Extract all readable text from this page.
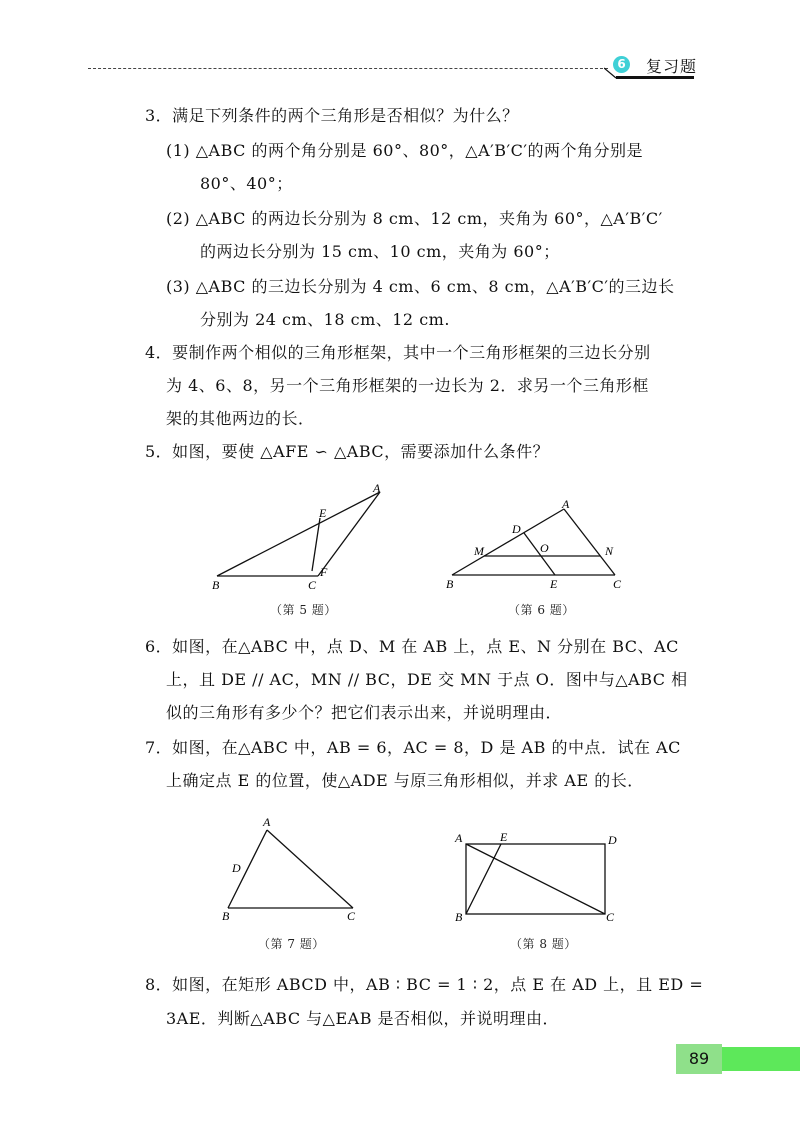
6 复习题
3．满足下列条件的两个三角形是否相似？为什么？
(1) △ABC 的两个角分别是 60°、80°，△A′B′C′的两个角分别是
80°、40°；
(2) △ABC 的两边长分别为 8 cm、12 cm，夹角为 60°，△A′B′C′
的两边长分别为 15 cm、10 cm，夹角为 60°；
(3) △ABC 的三边长分别为 4 cm、6 cm、8 cm，△A′B′C′的三边长
分别为 24 cm、18 cm、12 cm.
4．要制作两个相似的三角形框架，其中一个三角形框架的三边长分别
为 4、6、8，另一个三角形框架的一边长为 2．求另一个三角形框
架的其他两边的长．
5．如图，要使 △AFE ∽ △ABC，需要添加什么条件？
A
E
B	C
F
（第 5 题）
A
D
M	O	N
B	E	C
（第 6 题）
6．如图，在△ABC 中，点 D、M 在 AB 上，点 E、N 分别在 BC、AC
上，且 DE // AC，MN // BC，DE 交 MN 于点 O．图中与△ABC 相
似的三角形有多少个？把它们表示出来，并说明理由．
7．如图，在△ABC 中，AB = 6，AC = 8，D 是 AB 的中点．试在 AC
上确定点 E 的位置，使△ADE 与原三角形相似，并求 AE 的长．
A
D
B	C
（第 7 题）
A	E	D
B	C
（第 8 题）
8．如图，在矩形 ABCD 中，AB ∶ BC = 1 ∶ 2，点 E 在 AD 上，且 ED =
3AE．判断△ABC 与△EAB 是否相似，并说明理由．
89
